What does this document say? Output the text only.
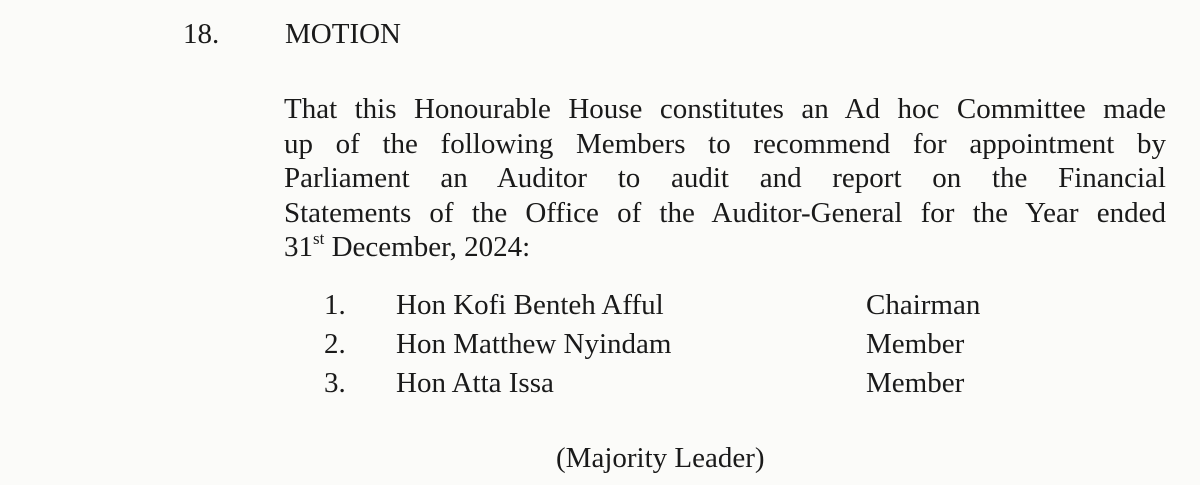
18. MOTION
That this Honourable House constitutes an Ad hoc Committee made
up of the following Members to recommend for appointment by
Parliament an Auditor to audit and report on the Financial
Statements of the Office of the Auditor-General for the Year ended
31st December, 2024:
1. Hon Kofi Benteh Afful	Chairman
2. Hon Matthew Nyindam	Member
3. Hon Atta Issa	Member
(Majority Leader)
